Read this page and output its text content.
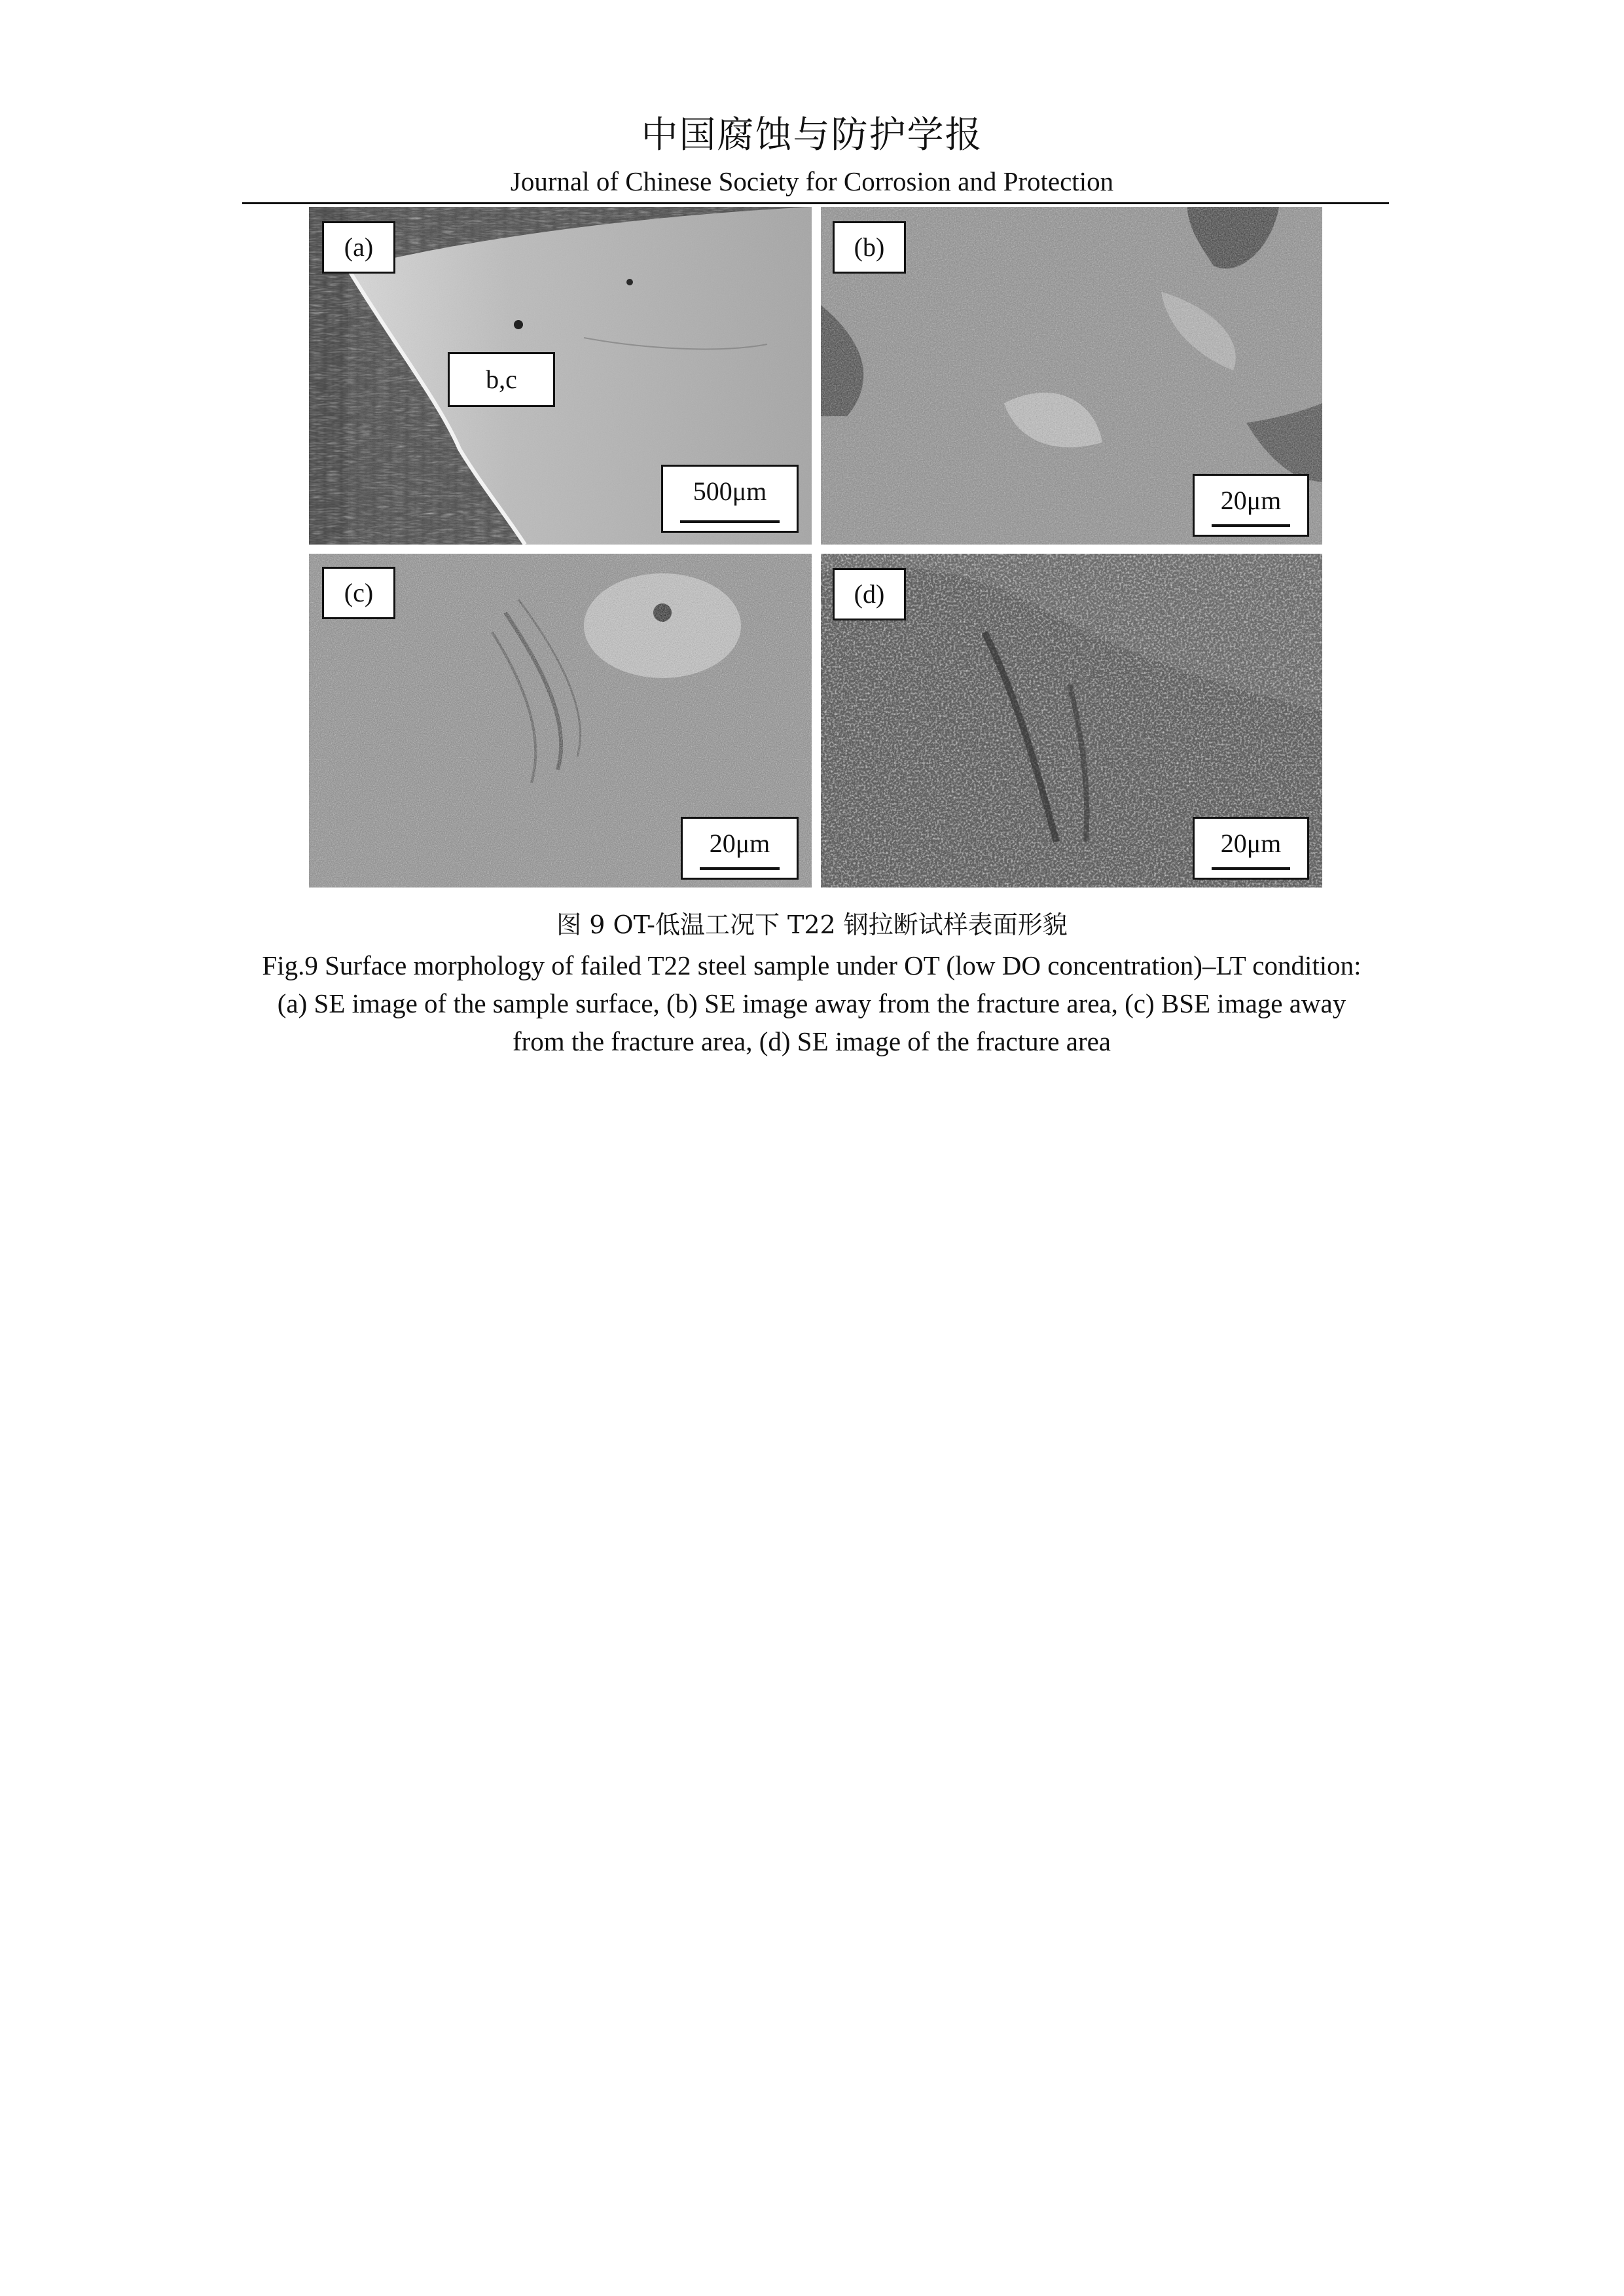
中国腐蚀与防护学报
Journal of Chinese Society for Corrosion and Protection
(a)
b,c
500μm
(b)
20μm
(c)
20μm
(d)
20μm
图 9 OT-低温工况下 T22 钢拉断试样表面形貌
Fig.9 Surface morphology of failed T22 steel sample under OT (low DO concentration)–LT condition: (a) SE image of the sample surface, (b) SE image away from the fracture area, (c) BSE image away from the fracture area, (d) SE image of the fracture area
